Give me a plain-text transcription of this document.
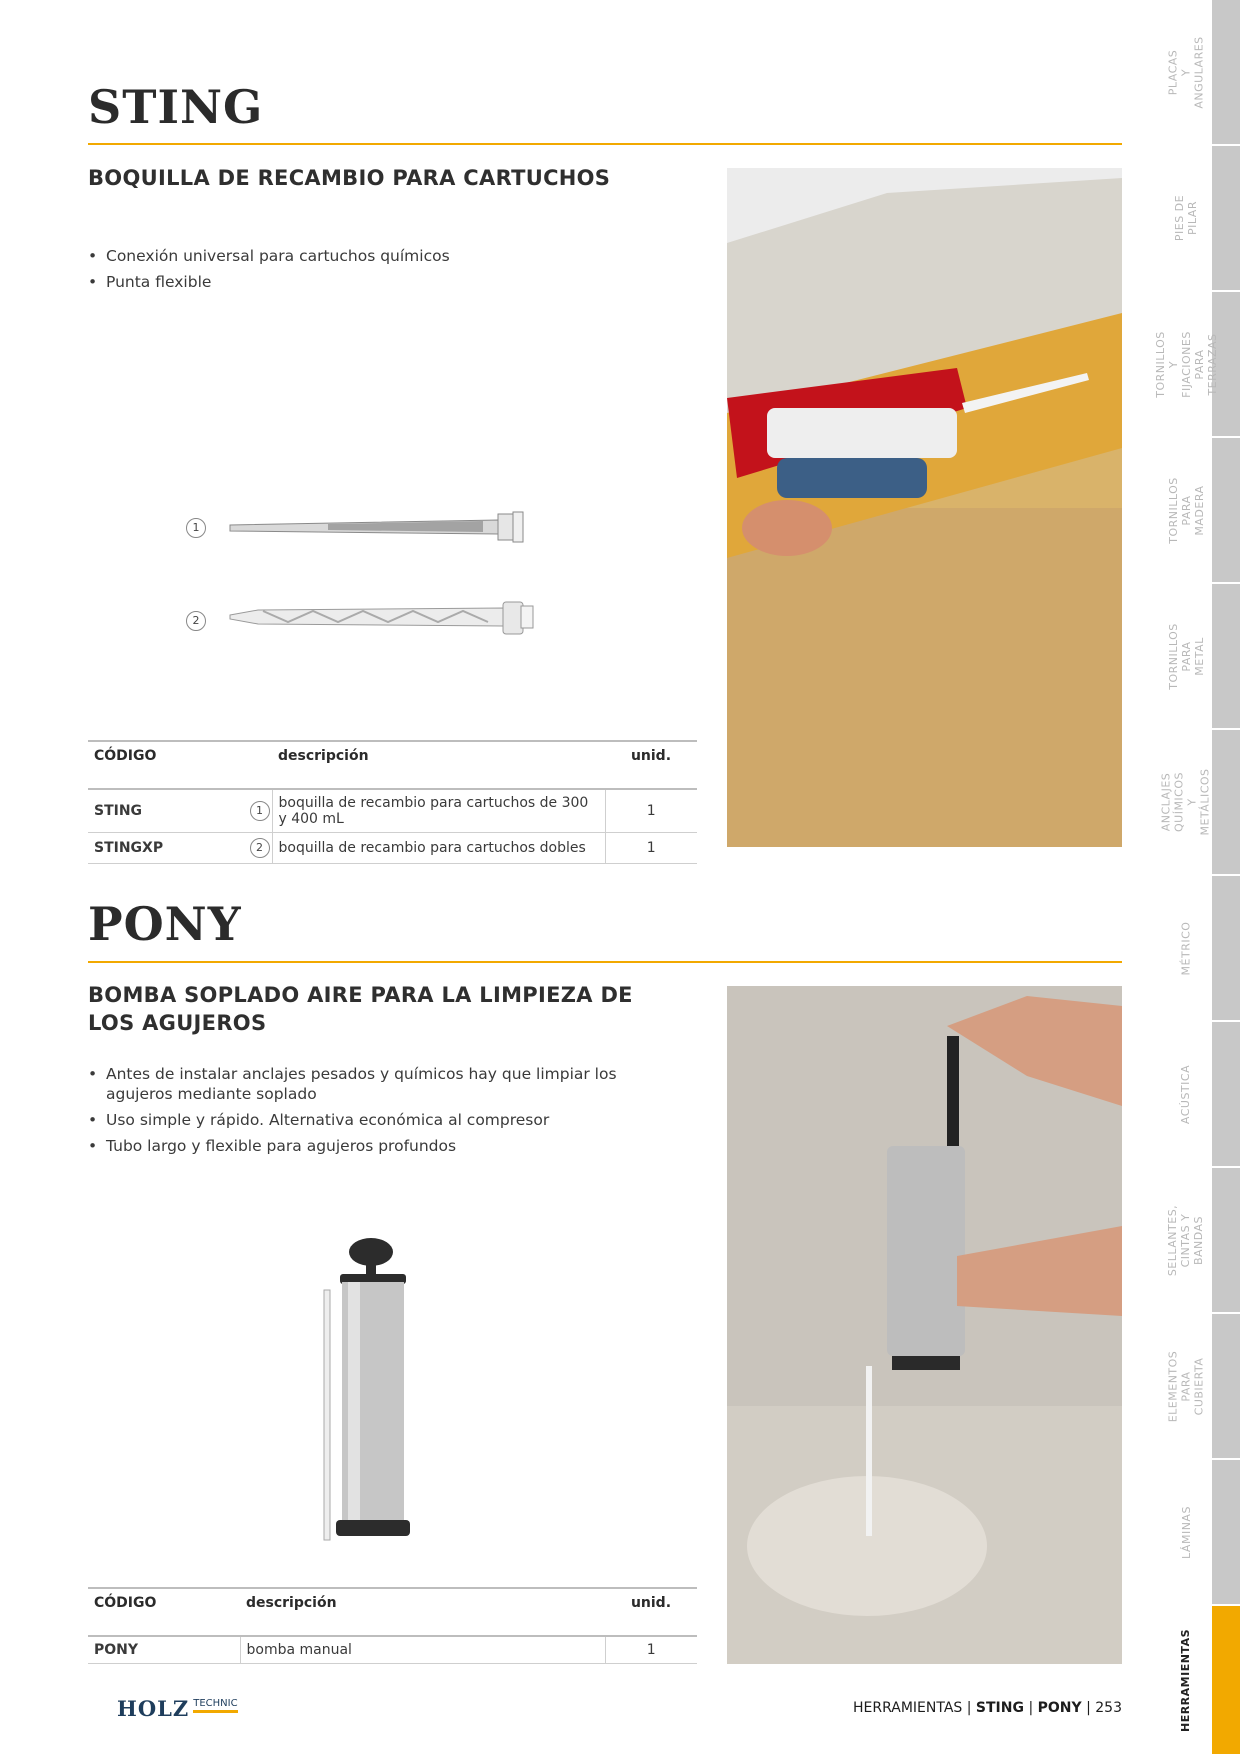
STING
BOQUILLA DE RECAMBIO PARA CARTUCHOS
• Conexión universal para cartuchos químicos
• Punta flexible
1
2
CÓDIGO		descripción	unid.

STING	1	boquilla de recambio para cartuchos de 300 y 400 mL	1
STINGXP	2	boquilla de recambio para cartuchos dobles	1
PONY
BOMBA SOPLADO AIRE PARA LA LIMPIEZA DE LOS AGUJEROS
• Antes de instalar anclajes pesados y químicos hay que limpiar los agujeros mediante soplado
• Uso simple y rápido. Alternativa económica al compresor
• Tubo largo y flexible para agujeros profundos
CÓDIGO	descripción	unid.

PONY	bomba manual	1
PLACAS
Y ANGULARES
PIES DE PILAR
TORNILLOS Y
FIJACIONES
PARA TERRAZAS
TORNILLOS PARA
MADERA
TORNILLOS PARA
METAL
ANCLAJES QUÍMICOS Y
METÁLICOS
MÉTRICO
ACÚSTICA
SELLANTES, CINTAS Y
BANDAS
ELEMENTOS PARA
CUBIERTA
LÁMINAS
HERRAMIENTAS
HOLZ TECHNIC	HERRAMIENTAS | STING | PONY | 253
